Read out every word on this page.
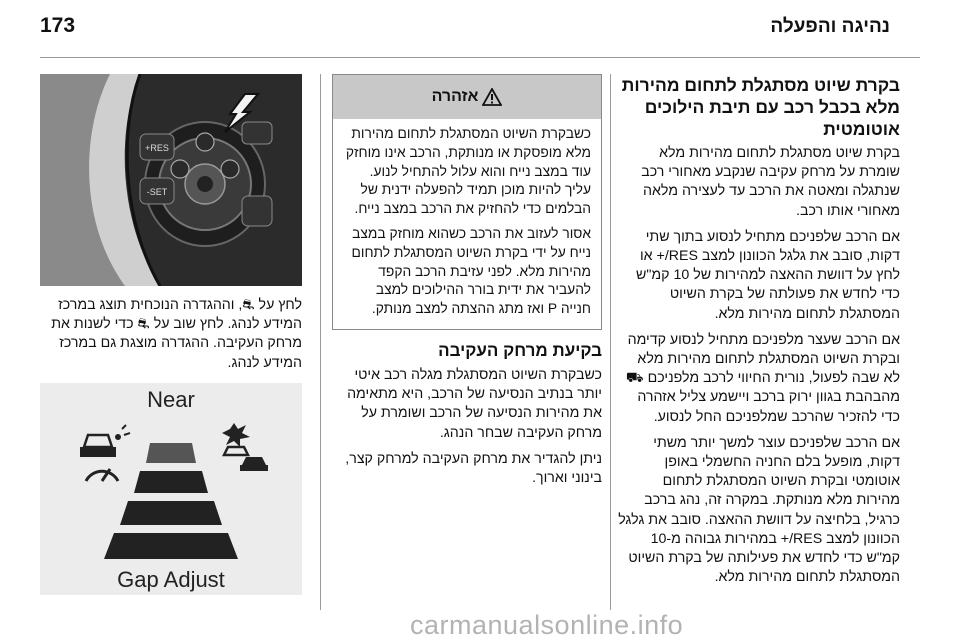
173	נהיגה והפעלה
בקרת שיוט מסתגלת לתחום מהירות מלא בכבל רכב עם תיבת הילוכים אוטומטית

בקרת שיוט מסתגלת לתחום מהירות מלא שומרת על מרחק עקיבה שנקבע מאחורי רכב שנתגלה ומאטה את הרכב עד לעצירה מלאה מאחורי אותו רכב.

אם הרכב שלפניכם מתחיל לנסוע בתוך שתי דקות, סובב את גלגל הכוונון למצב RES/+ או לחץ על דוושת ההאצה למהירות של 10 קמ"ש כדי לחדש את פעולתה של בקרת השיוט המסתגלת לתחום מהירות מלא.

אם הרכב שעצר מלפניכם מתחיל לנסוע קדימה ובקרת השיוט המסתגלת לתחום מהירות מלא לא שבה לפעול, נורית החיווי לרכב מלפניכם ⛟ מהבהבת בגוון ירוק ברכב ויישמע צליל אזהרה כדי להזכיר שהרכב שמלפניכם החל לנסוע.

אם הרכב שלפניכם עוצר למשך יותר משתי דקות, מופעל בלם החניה החשמלי באופן אוטומטי ובקרת השיוט המסתגלת לתחום מהירות מלא מנותקת. במקרה זה, נהג ברכב כרגיל, בלחיצה על דוושת ההאצה. סובב את גלגל הכוונון למצב RES/+ במהירות גבוהה מ-10 קמ"ש כדי לחדש את פעילותה של בקרת השיוט המסתגלת לתחום מהירות מלא.

אזהרה

כשבקרת השיוט המסתגלת לתחום מהירות מלא מופסקת או מנותקת, הרכב אינו מוחזק עוד במצב נייח והוא עלול להתחיל לנוע. עליך להיות מוכן תמיד להפעלה ידנית של הבלמים כדי להחזיק את הרכב במצב נייח.

אסור לעזוב את הרכב כשהוא מוחזק במצב נייח על ידי בקרת השיוט המסתגלת לתחום מהירות מלא. לפני עזיבת הרכב הקפד להעביר את ידית בורר ההילוכים למצב חנייה P ואז מתג ההצתה למצב מנותק.

בקיעת מרחק העקיבה

כשבקרת השיוט המסתגלת מגלה רכב איטי יותר בנתיב הנסיעה של הרכב, היא מתאימה את מהירות הנסיעה של הרכב ושומרת על מרחק העקיבה שבחר הנהג.

ניתן להגדיר את מרחק העקיבה למרחק קצר, בינוני וארוך.

RES+
SET-

לחץ על ⛐, וההגדרה הנוכחית תוצג במרכז המידע לנהג. לחץ שוב על ⛐ כדי לשנות את מרחק העקיבה. ההגדרה מוצגת גם במרכז המידע לנהג.

Near
Gap Adjust
carmanualsonline.info
